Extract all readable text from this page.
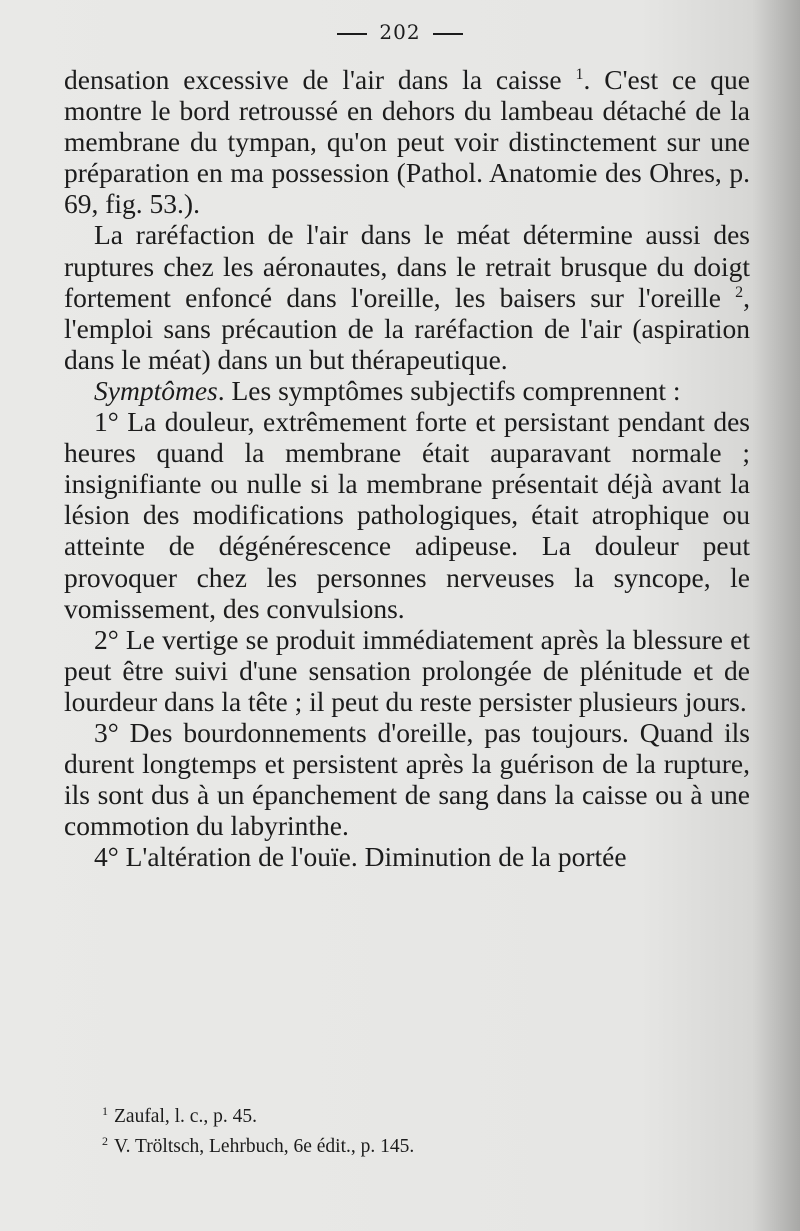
202

densation excessive de l'air dans la caisse $^1$. C'est ce que montre le bord retroussé en dehors du lambeau détaché de la membrane du tympan, qu'on peut voir distinctement sur une préparation en ma possession (Pathol. Anatomie des Ohres, p. 69, fig. 53.).

La raréfaction de l'air dans le méat détermine aussi des ruptures chez les aéronautes, dans le retrait brusque du doigt fortement enfoncé dans l'oreille, les baisers sur l'oreille $^2$, l'emploi sans précaution de la raréfaction de l'air (aspiration dans le méat) dans un but thérapeutique.

Symptômes. Les symptômes subjectifs comprennent :

1° La douleur, extrêmement forte et persistant pendant des heures quand la membrane était auparavant normale ; insignifiante ou nulle si la membrane présentait déjà avant la lésion des modifications pathologiques, était atrophique ou atteinte de dégénérescence adipeuse. La douleur peut provoquer chez les personnes nerveuses la syncope, le vomissement, des convulsions.

2° Le vertige se produit immédiatement après la blessure et peut être suivi d'une sensation prolongée de plénitude et de lourdeur dans la tête ; il peut du reste persister plusieurs jours.

3° Des bourdonnements d'oreille, pas toujours. Quand ils durent longtemps et persistent après la guérison de la rupture, ils sont dus à un épanchement de sang dans la caisse ou à une commotion du labyrinthe.

4° L'altération de l'ouïe. Diminution de la portée

$^1$ Zaufal, l. c., p. 45.

$^2$ V. Tröltsch, Lehrbuch, 6e édit., p. 145.
